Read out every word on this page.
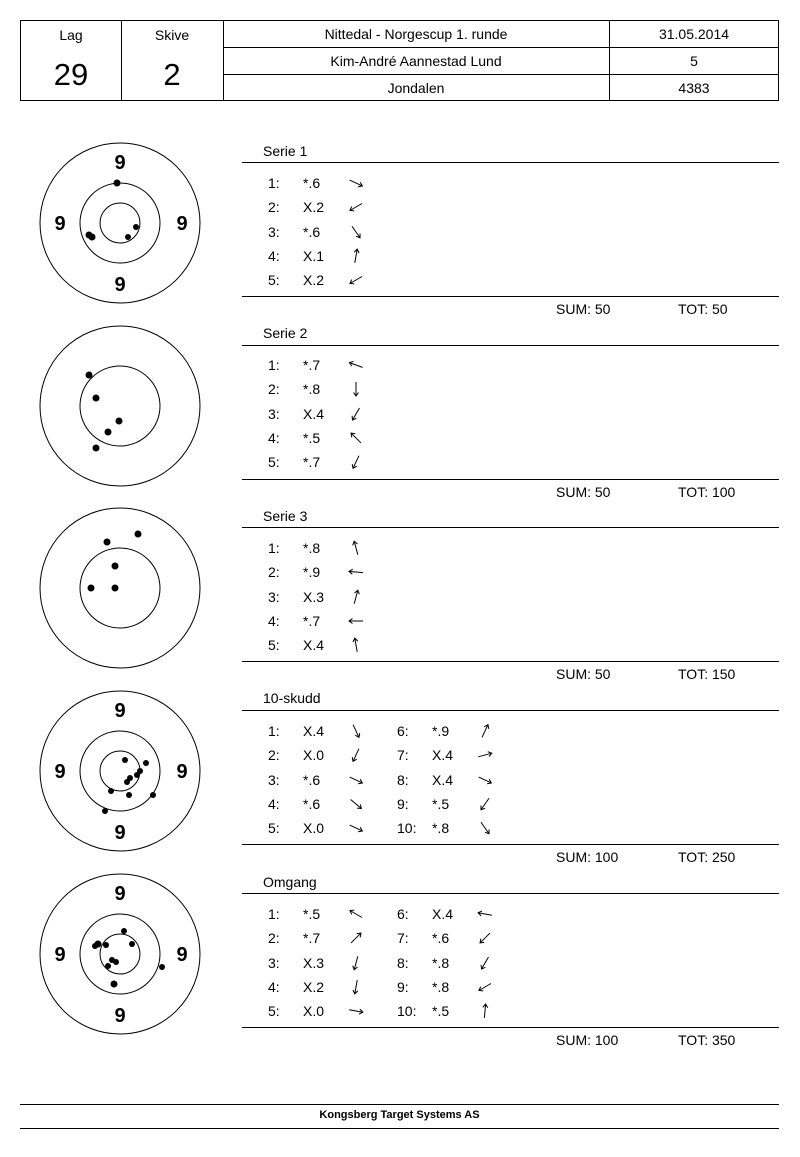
Lag
29
Skive
2
Nittedal - Norgescup 1. runde	31.05.2014
Kim-André Aannestad Lund	5
Jondalen	4383
9
9	9
9
Serie 1
SUM: 50	TOT: 50
Serie 2
SUM: 50	TOT: 100
Serie 3
SUM: 50	TOT: 150
9
9	9
9
10-skudd
SUM: 100	TOT: 250
9
9	9
9
Omgang
SUM: 100	TOT: 350
1: *.6
2: X.2
3: *.6
4: X.1
5: X.2
1: *.7
2: *.8
3: X.4
4: *.5
5: *.7
1: *.8
2: *.9
3: X.3
4: *.7
5: X.4
1: X.4
2: X.0
3: *.6
4: *.6
5: X.0
6: *.9
7: X.4
8: X.4
9: *.5
10: *.8
1: *.5
2: *.7
3: X.3
4: X.2
5: X.0
6: X.4
7: *.6
8: *.8
9: *.8
10: *.5
Kongsberg Target Systems AS
